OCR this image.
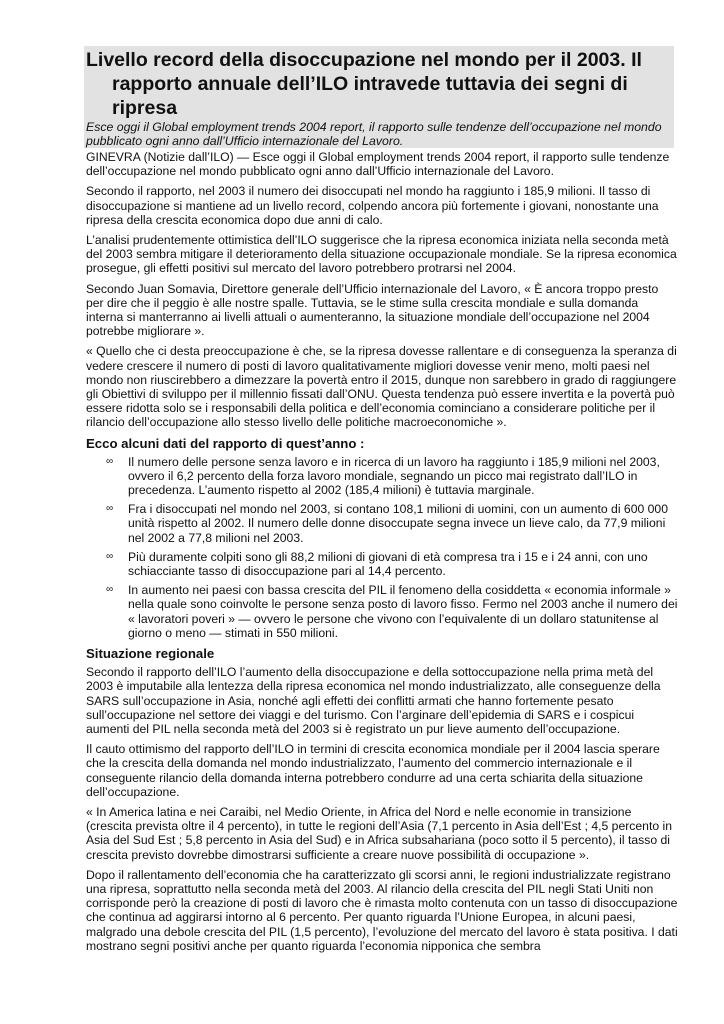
Livello record della disoccupazione nel mondo per il 2003. Il rapporto annuale dell’ILO intravede tuttavia dei segni di ripresa

Esce oggi il Global employment trends 2004 report, il rapporto sulle tendenze dell’occupazione nel mondo pubblicato ogni anno dall’Ufficio internazionale del Lavoro.

GINEVRA (Notizie dall’ILO) — Esce oggi il Global employment trends 2004 report, il rapporto sulle tendenze dell’occupazione nel mondo pubblicato ogni anno dall’Ufficio internazionale del Lavoro.

Secondo il rapporto, nel 2003 il numero dei disoccupati nel mondo ha raggiunto i 185,9 milioni. Il tasso di disoccupazione si mantiene ad un livello record, colpendo ancora più fortemente i giovani, nonostante una ripresa della crescita economica dopo due anni di calo.

L’analisi prudentemente ottimistica dell’ILO suggerisce che la ripresa economica iniziata nella seconda metà del 2003 sembra mitigare il deterioramento della situazione occupazionale mondiale. Se la ripresa economica prosegue, gli effetti positivi sul mercato del lavoro potrebbero protrarsi nel 2004.

Secondo Juan Somavia, Direttore generale dell’Ufficio internazionale del Lavoro, « È ancora troppo presto per dire che il peggio è alle nostre spalle. Tuttavia, se le stime sulla crescita mondiale e sulla domanda interna si manterranno ai livelli attuali o aumenteranno, la situazione mondiale dell’occupazione nel 2004 potrebbe migliorare ».

« Quello che ci desta preoccupazione è che, se la ripresa dovesse rallentare e di conseguenza la speranza di vedere crescere il numero di posti di lavoro qualitativamente migliori dovesse venir meno, molti paesi nel mondo non riuscirebbero a dimezzare la povertà entro il 2015, dunque non sarebbero in grado di raggiungere gli Obiettivi di sviluppo per il millennio fissati dall’ONU. Questa tendenza può essere invertita e la povertà può essere ridotta solo se i responsabili della politica e dell’economia cominciano a considerare politiche per il rilancio dell’occupazione allo stesso livello delle politiche macroeconomiche ».

Ecco alcuni dati del rapporto di quest’anno :
∞	Il numero delle persone senza lavoro e in ricerca di un lavoro ha raggiunto i 185,9 milioni nel 2003, ovvero il 6,2 percento della forza lavoro mondiale, segnando un picco mai registrato dall’ILO in precedenza. L’aumento rispetto al 2002 (185,4 milioni) è tuttavia marginale.
∞	Fra i disoccupati nel mondo nel 2003, si contano 108,1 milioni di uomini, con un aumento di 600 000 unità rispetto al 2002. Il numero delle donne disoccupate segna invece un lieve calo, da 77,9 milioni nel 2002 a 77,8 milioni nel 2003.
∞	Più duramente colpiti sono gli 88,2 milioni di giovani di età compresa tra i 15 e i 24 anni, con uno schiacciante tasso di disoccupazione pari al 14,4 percento.
∞	In aumento nei paesi con bassa crescita del PIL il fenomeno della cosiddetta « economia informale » nella quale sono coinvolte le persone senza posto di lavoro fisso. Fermo nel 2003 anche il numero dei « lavoratori poveri » — ovvero le persone che vivono con l’equivalente di un dollaro statunitense al giorno o meno — stimati in 550 milioni.
Situazione regionale

Secondo il rapporto dell’ILO l’aumento della disoccupazione e della sottoccupazione nella prima metà del 2003 è imputabile alla lentezza della ripresa economica nel mondo industrializzato, alle conseguenze della SARS sull’occupazione in Asia, nonché agli effetti dei conflitti armati che hanno fortemente pesato sull’occupazione nel settore dei viaggi e del turismo. Con l’arginare dell’epidemia di SARS e i cospicui aumenti del PIL nella seconda metà del 2003 si è registrato un pur lieve aumento dell’occupazione.

Il cauto ottimismo del rapporto dell’ILO in termini di crescita economica mondiale per il 2004 lascia sperare che la crescita della domanda nel mondo industrializzato, l’aumento del commercio internazionale e il conseguente rilancio della domanda interna potrebbero condurre ad una certa schiarita della situazione dell’occupazione.

« In America latina e nei Caraibi, nel Medio Oriente, in Africa del Nord e nelle economie in transizione (crescita prevista oltre il 4 percento), in tutte le regioni dell’Asia (7,1 percento in Asia dell’Est ; 4,5 percento in Asia del Sud Est ; 5,8 percento in Asia del Sud) e in Africa subsahariana (poco sotto il 5 percento), il tasso di crescita previsto dovrebbe dimostrarsi sufficiente a creare nuove possibilità di occupazione ».

Dopo il rallentamento dell’economia che ha caratterizzato gli scorsi anni, le regioni industrializzate registrano una ripresa, soprattutto nella seconda metà del 2003. Al rilancio della crescita del PIL negli Stati Uniti non corrisponde però la creazione di posti di lavoro che è rimasta molto contenuta con un tasso di disoccupazione che continua ad aggirarsi intorno al 6 percento. Per quanto riguarda l’Unione Europea, in alcuni paesi, malgrado una debole crescita del PIL (1,5 percento), l’evoluzione del mercato del lavoro è stata positiva. I dati mostrano segni positivi anche per quanto riguarda l’economia nipponica che sembra
